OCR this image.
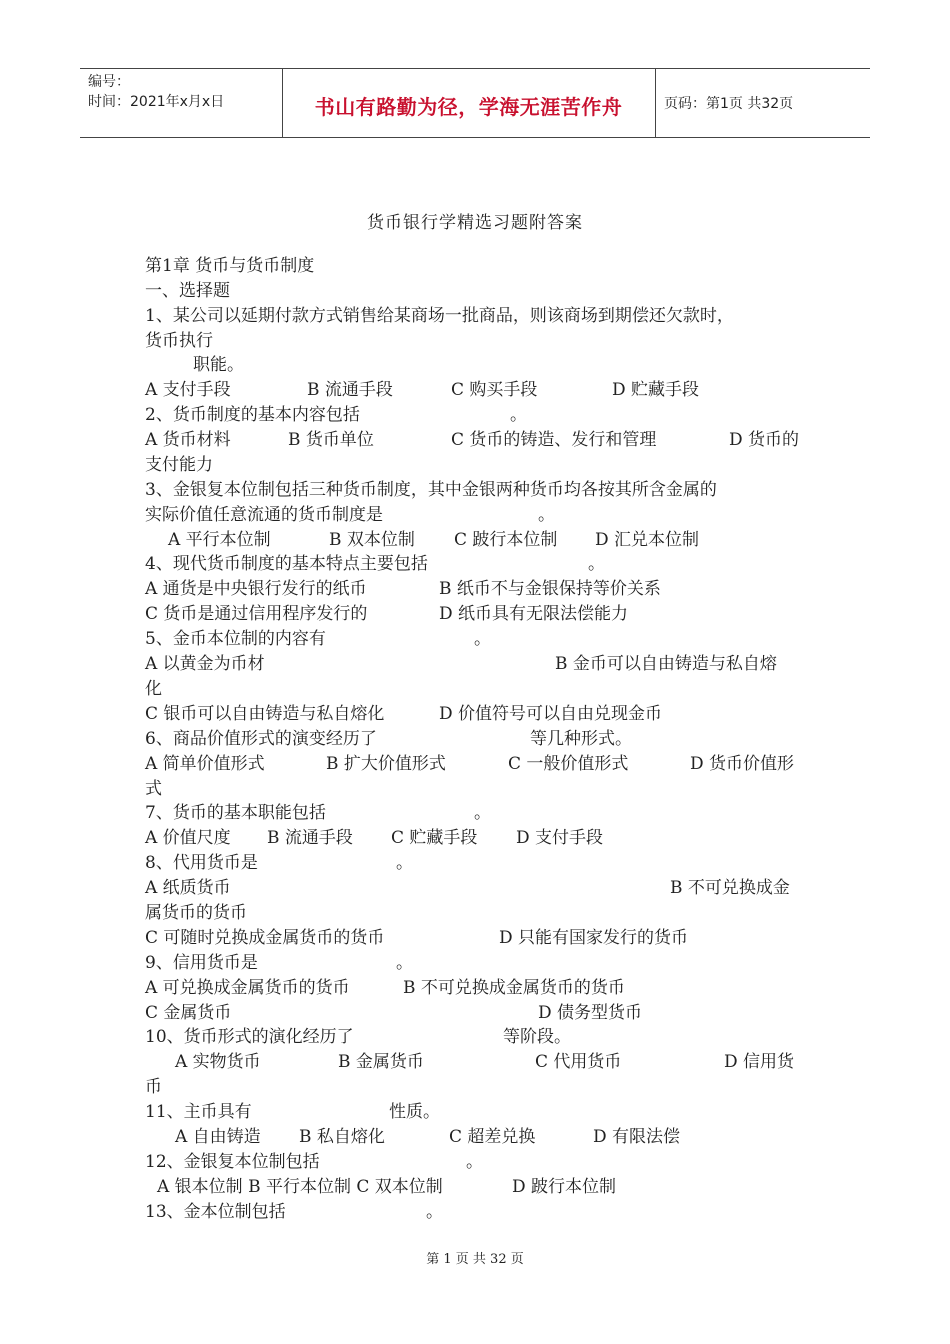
编号：
时间：2021年x月x日	书山有路勤为径，学海无涯苦作舟	页码：第1页 共32页
货币银行学精选习题附答案
第1章 货币与货币制度
一、选择题
1、某公司以延期付款方式销售给某商场一批商品，则该商场到期偿还欠款时，
货币执行
职能。
A 支付手段	B 流通手段	C 购买手段	D 贮藏手段
2、货币制度的基本内容包括	。
A 货币材料	B 货币单位	C 货币的铸造、发行和管理	D 货币的
支付能力
3、金银复本位制包括三种货币制度，其中金银两种货币均各按其所含金属的
实际价值任意流通的货币制度是	。
A 平行本位制	B 双本位制 C 跛行本位制 D 汇兑本位制
4、现代货币制度的基本特点主要包括	。
A 通货是中央银行发行的纸币	B 纸币不与金银保持等价关系
C 货币是通过信用程序发行的	D 纸币具有无限法偿能力
5、金币本位制的内容有	。
A 以黄金为币材	B 金币可以自由铸造与私自熔
化
C 银币可以自由铸造与私自熔化	D 价值符号可以自由兑现金币
6、商品价值形式的演变经历了	等几种形式。
A 简单价值形式	B 扩大价值形式	C 一般价值形式	D 货币价值形
式
7、货币的基本职能包括	。
A 价值尺度 B 流通手段 C 贮藏手段 D 支付手段
8、代用货币是	。
A 纸质货币	B 不可兑换成金
属货币的货币
C 可随时兑换成金属货币的货币	D 只能有国家发行的货币
9、信用货币是	。
A 可兑换成金属货币的货币	B 不可兑换成金属货币的货币
C 金属货币	D 债务型货币
10、货币形式的演化经历了	等阶段。
A 实物货币	B 金属货币	C 代用货币	D 信用货
币
11、主币具有	性质。
A 自由铸造 B 私自熔化	C 超差兑换	D 有限法偿
12、金银复本位制包括	。
A 银本位制 B 平行本位制 C 双本位制	D 跛行本位制
13、金本位制包括	。
第 1 页 共 32 页
